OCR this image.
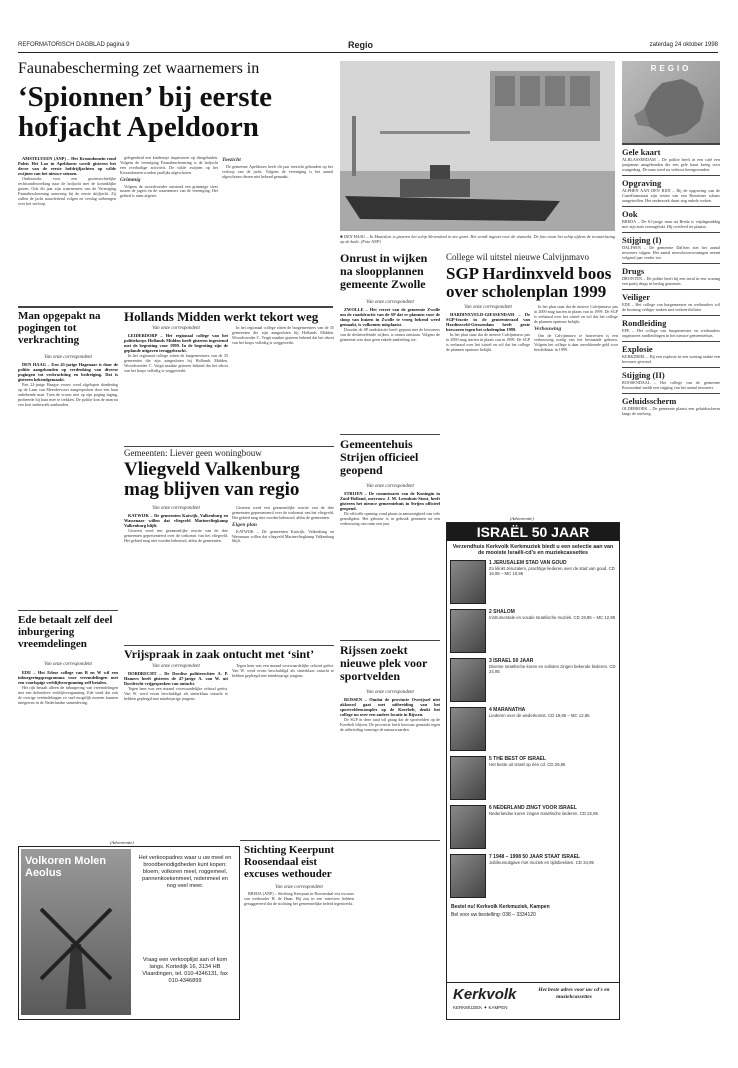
REFORMATORISCH DAGBLAD pagina 9	Regio	zaterdag 24 oktober 1998
Faunabescherming zet waarnemers in
‘Spionnen’ bij eerste hofjacht Apeldoorn

AMSTELVEEN (ANP) – Het Kroondomein rond Paleis Het Loo in Apeldoorn wordt gisteren het decor van de eerste hofdrijfjachten op wilde zwijnen van het nieuwe seizoen.

Onderzoeks voor een gezinsrechtelijke rechtsonderzoeking naar de hofjacht met de koninklijke gasten. Ook dit jaar zijn waarnemers van de Vereniging Faunabescherming aanwezig bij de eerste drijfjacht. Zij zullen de jacht nauwlettend volgen en verslag uitbrengen over het verloop.

gelegenheid een kindertoje inspecteren op diergeluiden. Volgens de vereniging Faunabescherming is de hofjacht een overbodige activiteit. De wilde zwijnen op het Kroondomein worden jaarlijks afgeschoten.

Grimmig

Volgens de woordvoerder ontstond een grimmige sfeer tussen de jagers en de waarnemers van de vereniging. Het gebied is ruim afgezet.

Toezicht

De gemeente Apeldoorn heeft dit jaar toezicht gehouden op het verloop van de jacht. Volgens de vereniging is het aantal afgeschoten dieren niet bekend gemaakt.

■ DEN HAAG – In Maaisluis is gisteren het schip Slevendaal in zee gezet. Het wordt ingezet voor de vismarkt. De foto toont het schip tijdens de tewaterlating op de kade. (Foto ANP)
REGIO
Gele kaart
ALBLASSERDAM – De politie heeft in een café een jongeman aangehouden die een gele kaart kreeg voor wangedrag. De man werd na verhoor heengezonden.
Opgraving
ALPHEN AAN DEN RIJN – Bij de opgraving van de Castellumstraat zijn resten van een Romeinse schans aangetroffen. Het onderzoek duurt nog enkele weken.
Ook
BREDA – De 61-jarige man uit Breda is vrijdagmiddag met zijn auto verongelukt. Hij overleed ter plaatse.
Stijging (I)
DALFSEN – De gemeente Dalfsen ziet het aantal inwoners stijgen. Het aantal nieuwbouwwoningen neemt volgend jaar verder toe.
Drugs
DRONTEN – De politie heeft bij een inval in een woning een partij drugs in beslag genomen.
Veiliger
EDE – Het college van burgemeester en wethouders wil de kruising veiliger maken met verkeerslichten.
Rondleiding
EPE – Het college van burgemeester en wethouders organiseert rondleidingen in het nieuwe gemeentehuis.
Explosie
KERKDRIEL – Bij een explosie in een woning raakte een bewoner gewond.
Stijging (II)
ROOSENDAAL – Het college van de gemeente Roosendaal meldt een stijging van het aantal inwoners.
Geluidsscherm
OLDEBROEK – De gemeente plaatst een geluidsscherm langs de snelweg.
Man opgepakt na pogingen tot verkrachting
Van onze correspondent

DEN HAAG – Een 43-jarige Hagenaar is door de politie aangehouden op verdenking van diverse pogingen tot verkrachting en bedreiging. Dat is gisteren bekendgemaakt.

Een 22-jarige Haagse vrouw werd afgelopen donderdag op de Laan van Meerdervoort aangesproken door een haar onbekende man. Toen de vrouw niet op zijn poging inging, probeerde hij haar mee te trekken. De politie kon de man na een kort onderzoek aanhouden.

Ede betaalt zelf deel inburgering vreemdelingen
Van onze correspondent

EDE – Het Edese college van B en W wil een inburgeringsprogramma voor vreemdelingen met een voorlopige verblijfsvergunning zelf betalen.

Het rijk betaalt alleen de inburgering van vreemdelingen met een definitieve verblijfsvergunning. Ede vindt dat ook de overige vreemdelingen zo snel mogelijk moeten kunnen integreren in de Nederlandse samenleving.

(Advertentie)
Volkoren Molen Aeolus
Het verkoopadres waar u uw meel en broodbenodigdheden kunt kopen: bloem, volkoren meel, roggemeel, pannenkoekenmeel, notenmeel en nog veel meer.
Vraag een verkooplijst aan of kom langs. Kortedijk 16, 3134 HB Vlaardingen, tel. 010-4346131, fax 010-4346899
Hollands Midden werkt tekort weg
Van onze correspondent

LEIDERDORP – Het regionaal college van het politiekorps Hollands Midden heeft gisteren ingestemd met de begroting voor 1999. In de begroting zijn de geplande uitgaven teruggebracht.

In het regionaal college zitten de burgemeesters van de 35 gemeenten die zijn aangesloten bij Hollands Midden. Woordvoerder C. Vergit maakte gisteren bekend dat het tekort van het korps volledig is weggewerkt.

In het regionaal college zitten de burgemeesters van de 35 gemeenten die zijn aangesloten bij Hollands Midden. Woordvoerder C. Vergit maakte gisteren bekend dat het tekort van het korps volledig is weggewerkt.

Gemeenten: Liever geen woningbouw
Vliegveld Valkenburg mag blijven van regio
Van onze correspondent

KATWIJK – De gemeenten Katwijk, Valkenburg en Wassenaar willen dat vliegveld Marinevliegkamp Valkenburg blijft.

Gisteren werd een gezamenlijke reactie van de drie gemeenten gepresenteerd over de toekomst van het vliegveld. Het gebied mag niet worden bebouwd, aldus de gemeenten.

Gisteren werd een gezamenlijke reactie van de drie gemeenten gepresenteerd over de toekomst van het vliegveld. Het gebied mag niet worden bebouwd, aldus de gemeenten.

Eigen plan

KATWIJK – De gemeenten Katwijk, Valkenburg en Wassenaar willen dat vliegveld Marinevliegkamp Valkenburg blijft.

Vrijspraak in zaak ontucht met ‘sint’
Van onze correspondent

DORDRECHT – De Dordtse politierechter A. P. Hamers heeft gisteren de 47-jarige A. van W. uit Dordrecht vrijgesproken van ontucht.

Tegen hem was een maand voorwaardelijke celstraf geëist. Van W. werd ervan beschuldigd als sinterklaas ontucht te hebben gepleegd met minderjarige jongens.

Tegen hem was een maand voorwaardelijke celstraf geëist. Van W. werd ervan beschuldigd als sinterklaas ontucht te hebben gepleegd met minderjarige jongens.

Onrust in wijken na sloopplannen gemeente Zwolle
Van onze correspondent

ZWOLLE – Het verzet van de gemeente Zwolle om de raadsfractie van de SP dat er plannen voor de sloop van huizen in Zwolle te vroeg bekend werd gemaakt, is volkomen misplaatst.

Doordat de SP raadsfractie heeft gepraat met de bewoners van de desbetreffende wijken, is onrust ontstaan. Volgens de gemeente was daar geen enkele aanleiding toe.

Gemeentehuis Strijen officieel geopend
Van onze correspondent

STRIJEN – De commissaris van de Koningin in Zuid-Holland, mevrouw J. M. Leemhuis-Stout, heeft gisteren het nieuwe gemeentehuis in Strijen officieel geopend.

De officiële opening vond plaats in aanwezigheid van vele genodigden. Het gebouw is in gebruik genomen na een verbouwing van ruim een jaar.

Rijssen zoekt nieuwe plek voor sportvelden
Van onze correspondent

RIJSSEN – Omdat de provincie Overijssel niet akkoord gaat met uitbreiding van het sportveldencomplex op de Koerbelt, denkt het college nu over een andere locatie in Rijssen.

De SGP in deze raad wil graag dat de sportvelden op de Koerbelt blijven. De provincie heeft bezwaar gemaakt tegen de uitbreiding vanwege de natuurwaarden.

Stichting Keerpunt Roosendaal eist excuses wethouder
Van onze correspondent

BREDA (ANP) – Stichting Keerpunt in Roosendaal eist excuses van wethouder H. de Haan. Hij zou in een interview hebben gesuggereerd dat de stichting het gemeentelijke beleid tegenwerkt.

College wil uitstel nieuwe Calvijnmavo
SGP Hardinxveld boos over scholenplan 1999
Van onze correspondent

HARDINXVELD-GIESSENDAM – De SGP-fractie in de gemeenteraad van Hardinxveld-Giessendam heeft grote bezwaren tegen het scholenplan 1999.

In het plan staat dat de nieuwe Calvijnmavo pas in 2000 mag starten in plaats van in 1999. De SGP is verbaasd over het uitstel en wil dat het college de plannen opnieuw bekijkt.

In het plan staat dat de nieuwe Calvijnmavo pas in 2000 mag starten in plaats van in 1999. De SGP is verbaasd over het uitstel en wil dat het college de plannen opnieuw bekijkt.

Verbouwing

Om de Calvijnmavo te huisvesten is een verbouwing nodig van het bestaande gebouw. Volgens het college is daar onvoldoende geld voor beschikbaar in 1999.

(Advertentie)
ISRAËL 50 JAAR
Verzendhuis Kerkvolk Kerkmuziek biedt u een selectie aan van de mooiste Israëli-cd's en muziekcassettes
1 JERUSALEM STAD VAN GOUD
Zo klinkt Jeruzalem, prachtige liederen over de stad van goud. CD 15,95 – MC 10,95
2 SHALOM
Instrumentale en vocale Israëlische muziek. CD 19,95 – MC 12,95
3 ISRAEL 50 JAAR
Diverse Israëlische koren en solisten zingen bekende liederen. CD 24,95
4 MARANATHA
Liederen over de wederkomst. CD 19,95 – MC 12,95
5 THE BEST OF ISRAEL
Het beste uit Israël op één cd. CD 29,95
6 NEDERLAND ZINGT VOOR ISRAËL
Nederlandse koren zingen Israëlische liederen. CD 22,95
7 1948 – 1998 50 JAAR STAAT ISRAËL
Jubileumuitgave met muziek en tijdsbeelden. CD 34,95
Bestel nu! Kerkvolk Kerkmuziek, Kampen
Bel voor uw bestelling: 038 – 3334120
Kerkvolk
KERKMUZIEK ✦ KAMPEN
Het beste adres voor uw cd's en muziekcassettes
